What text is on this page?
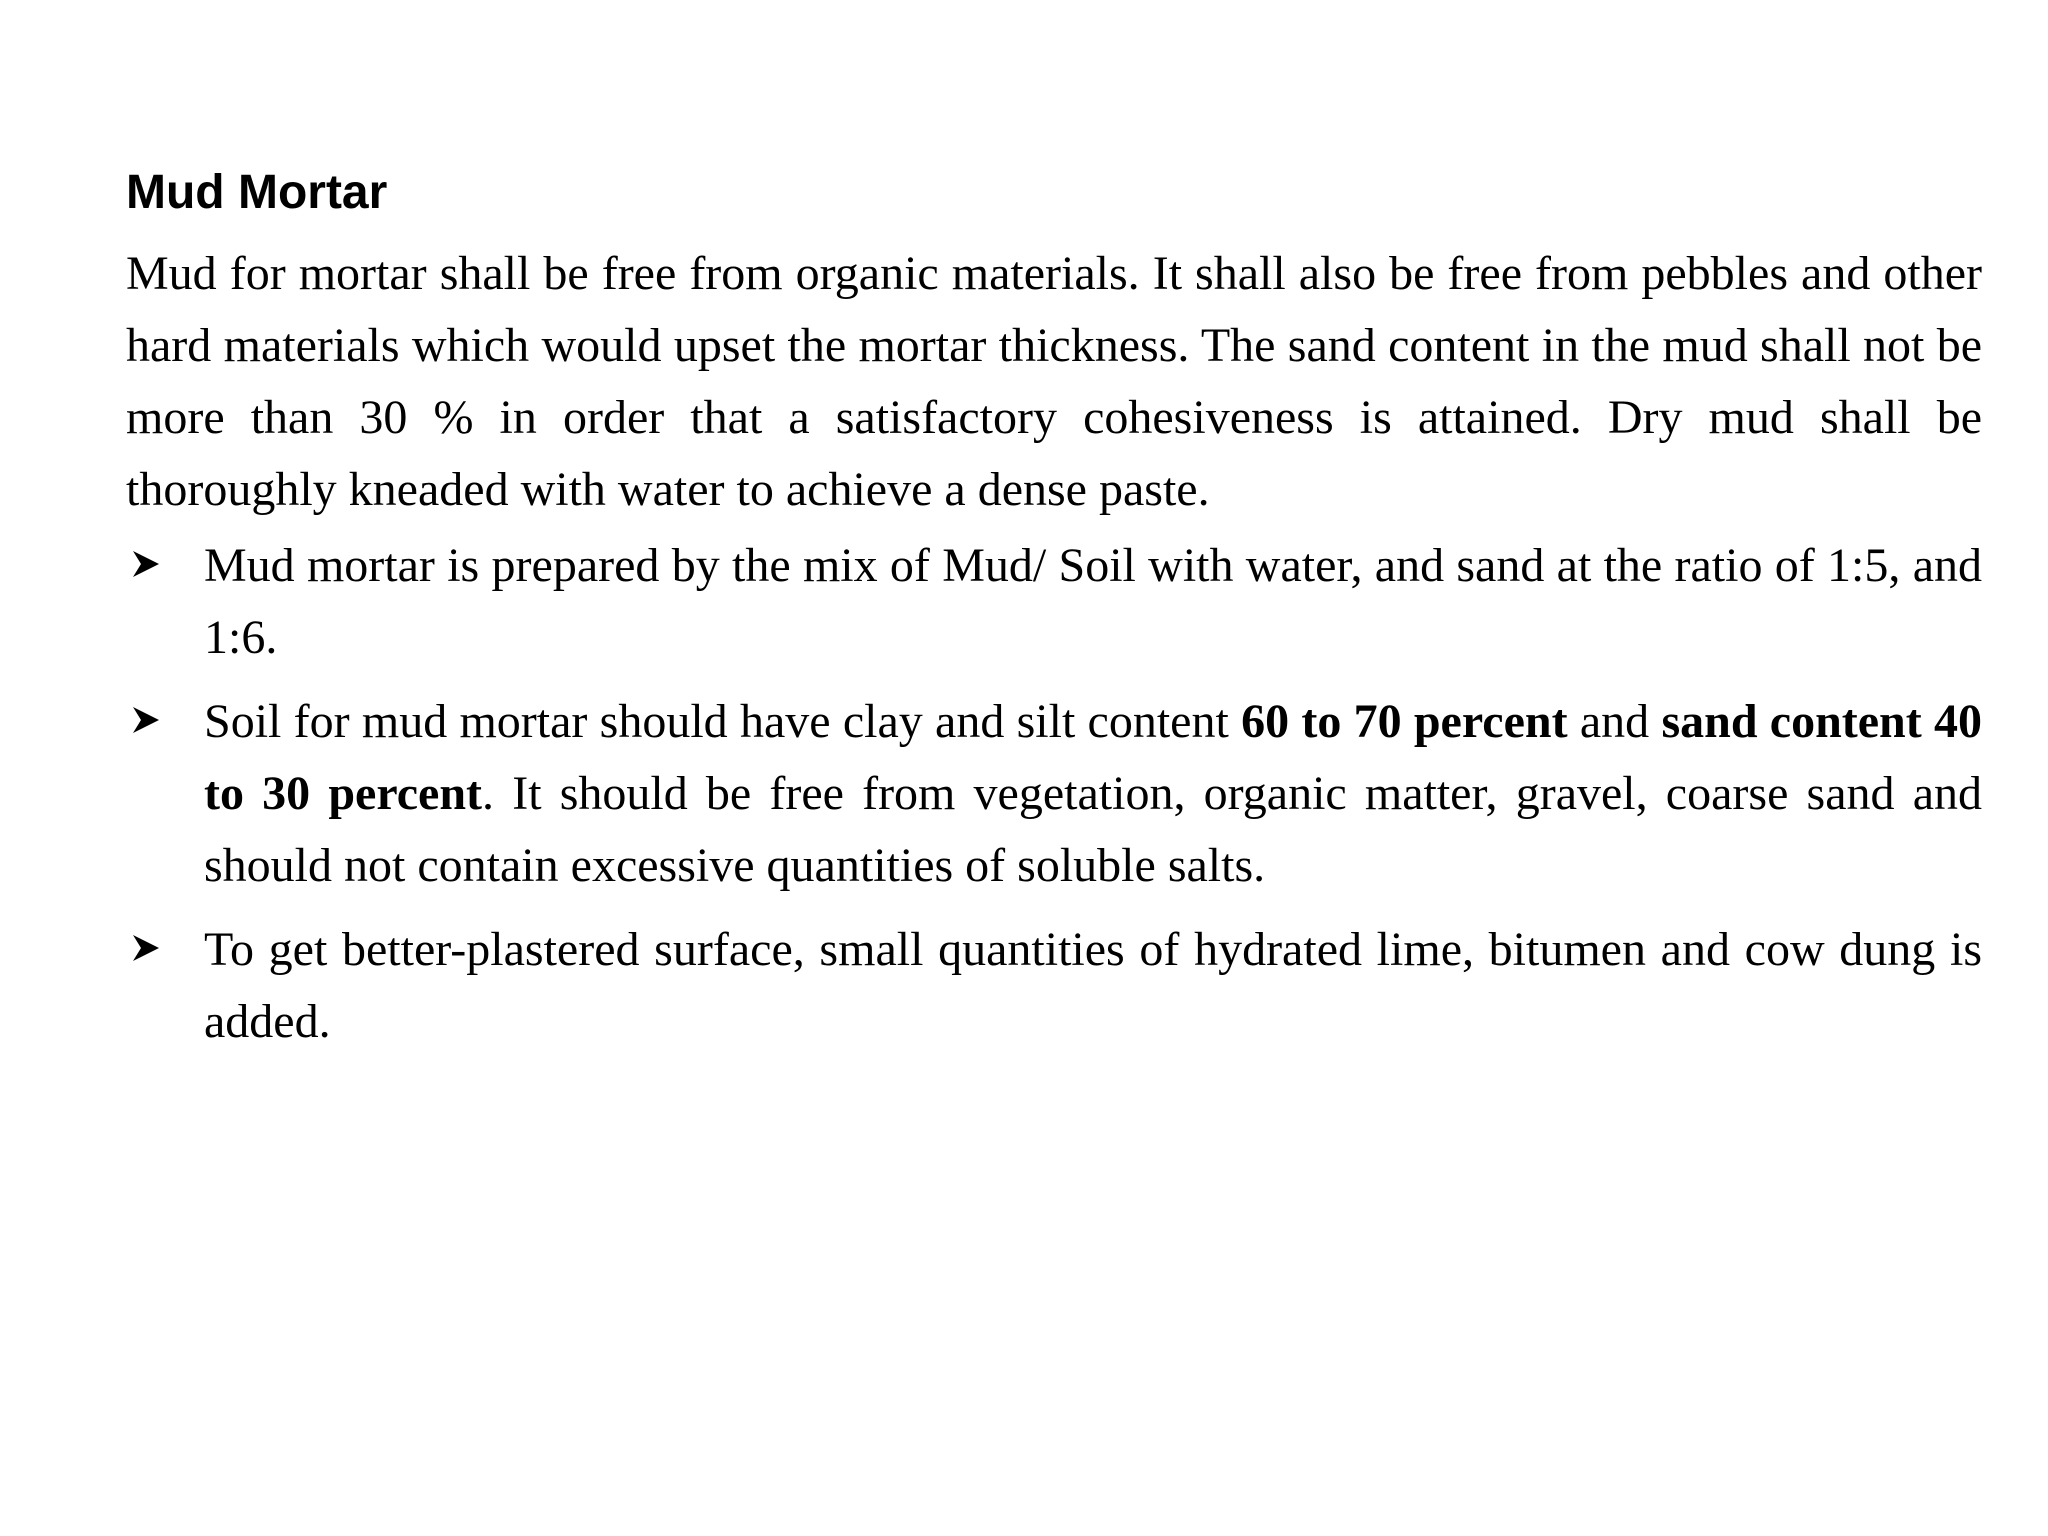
Mud Mortar

Mud for mortar shall be free from organic materials. It shall also be free from pebbles and other hard materials which would upset the mortar thickness. The sand content in the mud shall not be more than 30 % in order that a satisfactory cohesiveness is attained. Dry mud shall be thoroughly kneaded with water to achieve a dense paste.

Mud mortar is prepared by the mix of Mud/ Soil with water, and sand at the ratio of 1:5, and 1:6.
Soil for mud mortar should have clay and silt content 60 to 70 percent and sand content 40 to 30 percent. It should be free from vegetation, organic matter, gravel, coarse sand and should not contain excessive quantities of soluble salts.
To get better-plastered surface, small quantities of hydrated lime, bitumen and cow dung is added.
